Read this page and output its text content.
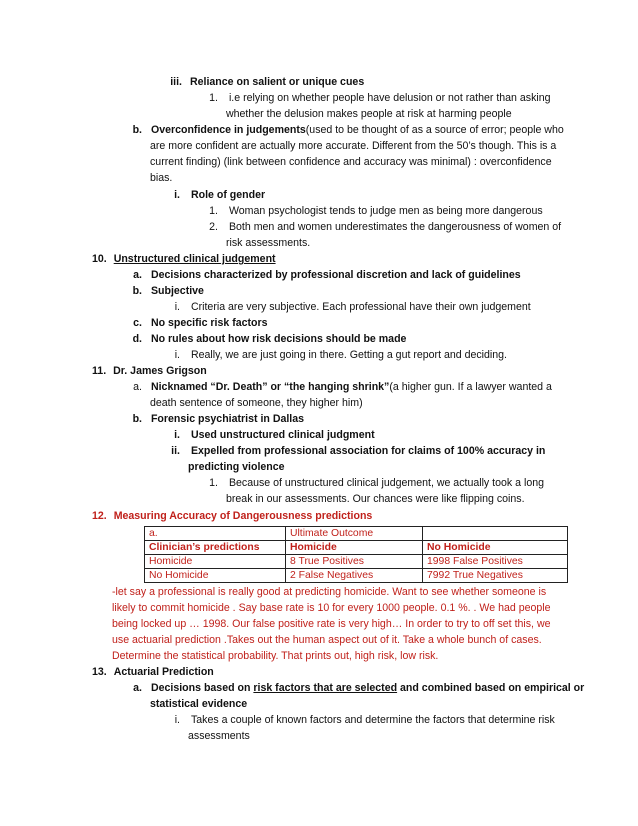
iii. Reliance on salient or unique cues
1. i.e relying on whether people have delusion or not rather than asking
whether the delusion makes people at risk at harming people
b. Overconfidence in judgements(used to be thought of as a source of error; people who
are more confident are actually more accurate. Different from the 50’s though. This is a
current finding) (link between confidence and accuracy was minimal) : overconfidence
bias.
i. Role of gender
1. Woman psychologist tends to judge men as being more dangerous
2. Both men and women underestimates the dangerousness of women of
risk assessments.
10. Unstructured clinical judgement
a. Decisions characterized by professional discretion and lack of guidelines
b. Subjective
i. Criteria are very subjective. Each professional have their own judgement
c. No specific risk factors
d. No rules about how risk decisions should be made
i. Really, we are just going in there. Getting a gut report and deciding.
11. Dr. James Grigson
a. Nicknamed “Dr. Death” or “the hanging shrink”(a higher gun. If a lawyer wanted a
death sentence of someone, they higher him)
b. Forensic psychiatrist in Dallas
i. Used unstructured clinical judgment
ii. Expelled from professional association for claims of 100% accuracy in
predicting violence
1. Because of unstructured clinical judgement, we actually took a long
break in our assessments. Our chances were like flipping coins.
12. Measuring Accuracy of Dangerousness predictions
a.	Ultimate Outcome	
Clinician’s predictions	Homicide	No Homicide
Homicide	8 True Positives	1998 False Positives
No Homicide	2 False Negatives	7992 True Negatives
-let say a professional is really good at predicting homicide. Want to see whether someone is
likely to commit homicide . Say base rate is 10 for every 1000 people. 0.1 %. . We had people
being locked up … 1998. Our false positive rate is very high… In order to try to off set this, we
use actuarial prediction .Takes out the human aspect out of it. Take a whole bunch of cases.
Determine the statistical probability. That prints out, high risk, low risk.
13. Actuarial Prediction
a. Decisions based on risk factors that are selected and combined based on empirical or
statistical evidence
i. Takes a couple of known factors and determine the factors that determine risk
assessments
